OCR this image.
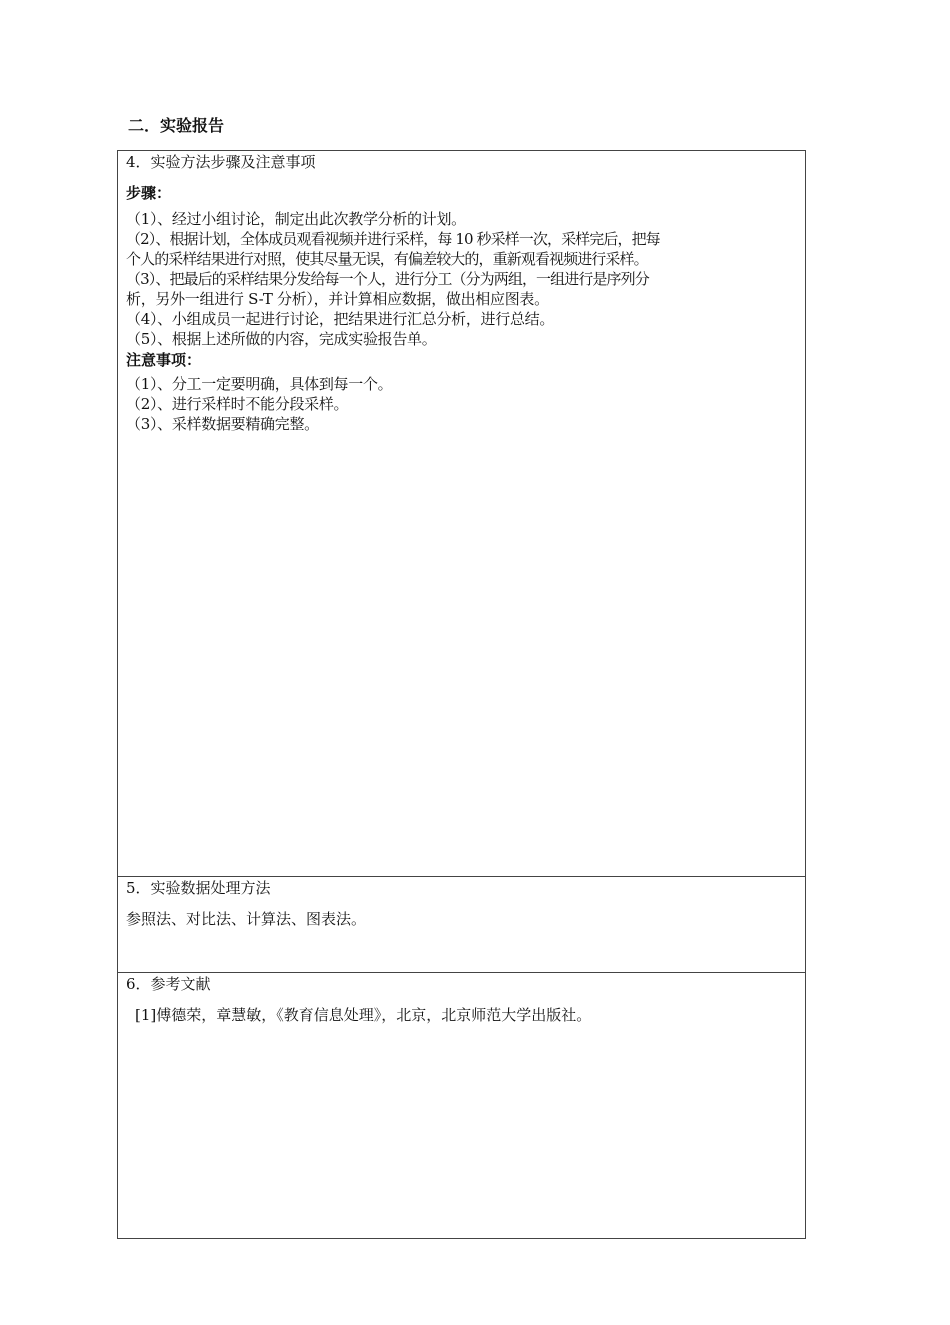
二．实验报告
4．实验方法步骤及注意事项
步骤：
（1）、经过小组讨论，制定出此次教学分析的计划。
（2）、根据计划，全体成员观看视频并进行采样，每 10 秒采样一次，采样完后，把每
个人的采样结果进行对照，使其尽量无误，有偏差较大的，重新观看视频进行采样。
（3）、把最后的采样结果分发给每一个人，进行分工（分为两组，一组进行是序列分
析，另外一组进行 S-T 分析），并计算相应数据，做出相应图表。
（4）、小组成员一起进行讨论，把结果进行汇总分析，进行总结。
（5）、根据上述所做的内容，完成实验报告单。
注意事项：
（1）、分工一定要明确，具体到每一个。
（2）、进行采样时不能分段采样。
（3）、采样数据要精确完整。
5．实验数据处理方法
参照法、对比法、计算法、图表法。
6．参考文献
[1]傅德荣，章慧敏，《教育信息处理》，北京，北京师范大学出版社。
